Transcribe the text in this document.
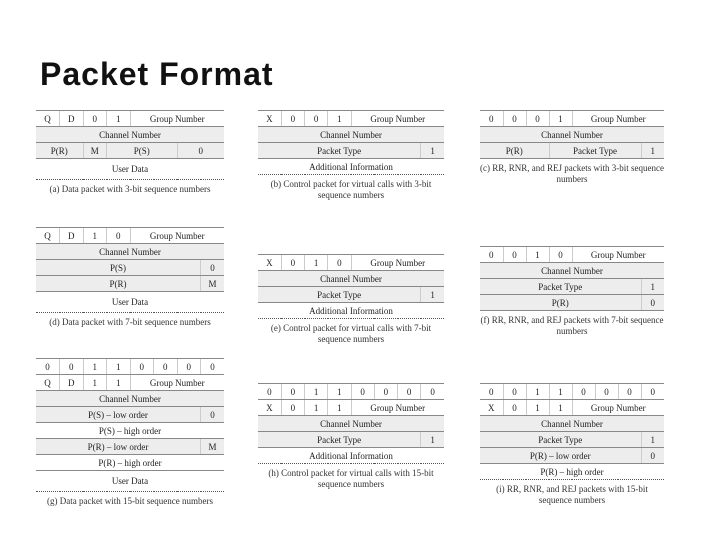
Packet Format
Q	D	0	1	Group Number	
Channel Number					
P(R)		M	P(S)		0
User Data					
(a) Data packet with 3-bit sequence numbers
X	0	0	1	Group Number	
Channel Number					
Packet Type					1
Additional Information					
(b) Control packet for virtual calls with 3-bit sequence numbers
0	0	0	1	Group Number	
Channel Number					
P(R)			Packet Type		1
(c) RR, RNR, and REJ packets with 3-bit sequence numbers
Q	D	1	0	Group Number	
Channel Number					
P(S)					0
P(R)					M
User Data					
(d) Data packet with 7-bit sequence numbers
X	0	1	0	Group Number	
Channel Number					
Packet Type					1
Additional Information					
(e) Control packet for virtual calls with 7-bit sequence numbers
0	0	1	0	Group Number	
Channel Number					
Packet Type					1
P(R)					0
(f) RR, RNR, and REJ packets with 7-bit sequence numbers
0	0	1	1	0	0	0	0
Q	D	1	1	Group Number			
Channel Number							
P(S) – low order							0
P(S) – high order							
P(R) – low order							M
P(R) – high order							
User Data							
(g) Data packet with 15-bit sequence numbers
0	0	1	1	0	0	0	0
X	0	1	1	Group Number			
Channel Number							
Packet Type							1
Additional Information							
(h) Control packet for virtual calls with 15-bit sequence numbers
0	0	1	1	0	0	0	0
X	0	1	1	Group Number			
Channel Number							
Packet Type							1
P(R) – low order							0
P(R) – high order							
(i) RR, RNR, and REJ packets with 15-bit sequence numbers
